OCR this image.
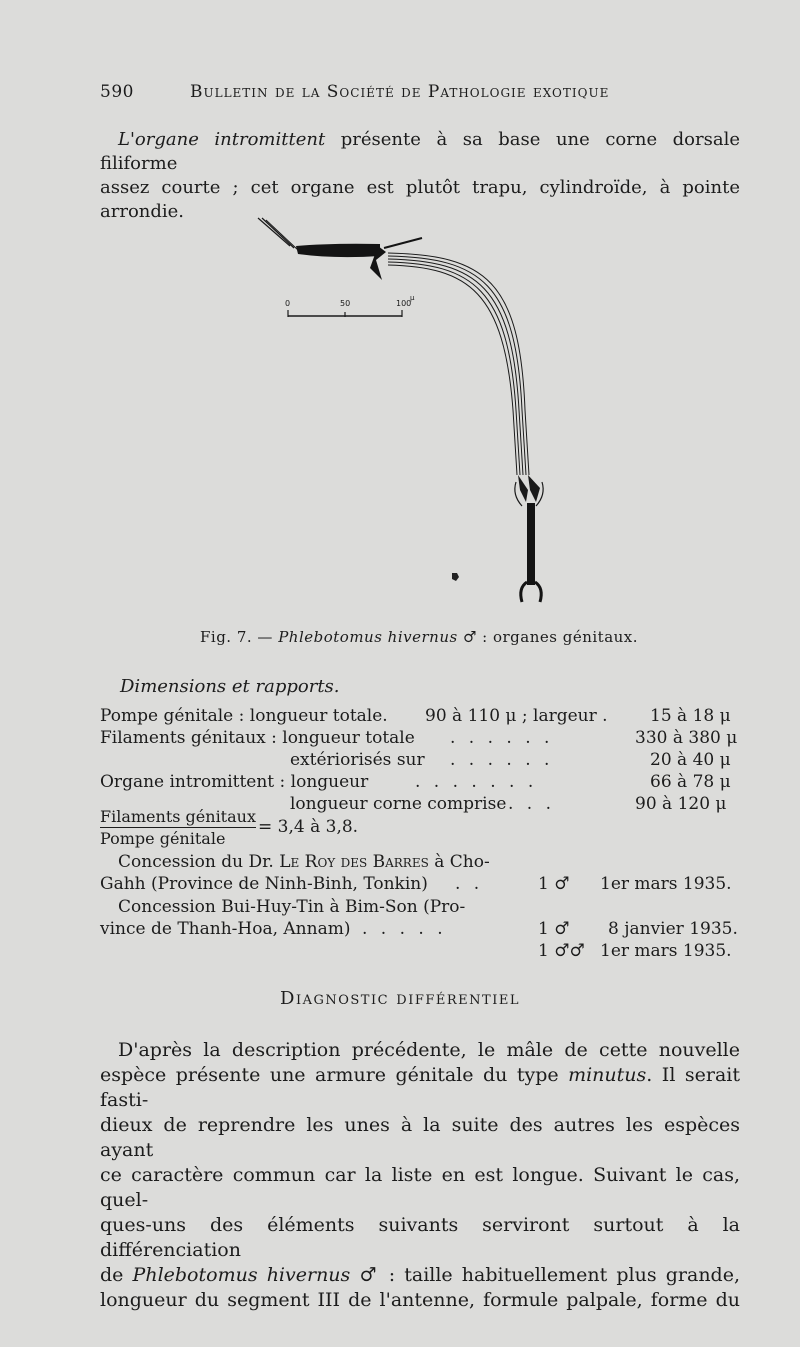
590	Bulletin de la Société de Pathologie exotique
L'organe intromittent présente à sa base une corne dorsale filiforme
assez courte ; cet organe est plutôt trapu, cylindroïde, à pointe arrondie.
0	50	100
μ
Fig. 7. — Phlebotomus hivernus ♂ : organes génitaux.
Dimensions et rapports.
Pompe génitale : longueur totale. 90 à 110 μ ; largeur . 15 à 18 μ
Filaments génitaux : longueur totale . . . . . .	330 à 380 μ
extériorisés sur . . . . . .	20 à 40 μ
Organe intromittent : longueur	. . . . . . .	66 à 78 μ
longueur corne comprise . . .	90 à 120 μ
Filaments génitaux
Pompe génitale
= 3,4 à 3,8.
Concession du Dr. Le Roy des Barres à Cho-
Gahh (Province de Ninh-Binh, Tonkin) . .	1 ♂ 1er mars 1935.
Concession Bui-Huy-Tin à Bim-Son (Pro-
vince de Thanh-Hoa, Annam) . . . . .	1 ♂ 8 janvier 1935.
1 ♂♂ 1er mars 1935.
Diagnostic différentiel
D'après la description précédente, le mâle de cette nouvelle
espèce présente une armure génitale du type minutus. Il serait fasti-
dieux de reprendre les unes à la suite des autres les espèces ayant
ce caractère commun car la liste en est longue. Suivant le cas, quel-
ques-uns des éléments suivants serviront surtout à la différenciation
de Phlebotomus hivernus ♂ : taille habituellement plus grande,
longueur du segment III de l'antenne, formule palpale, forme du
